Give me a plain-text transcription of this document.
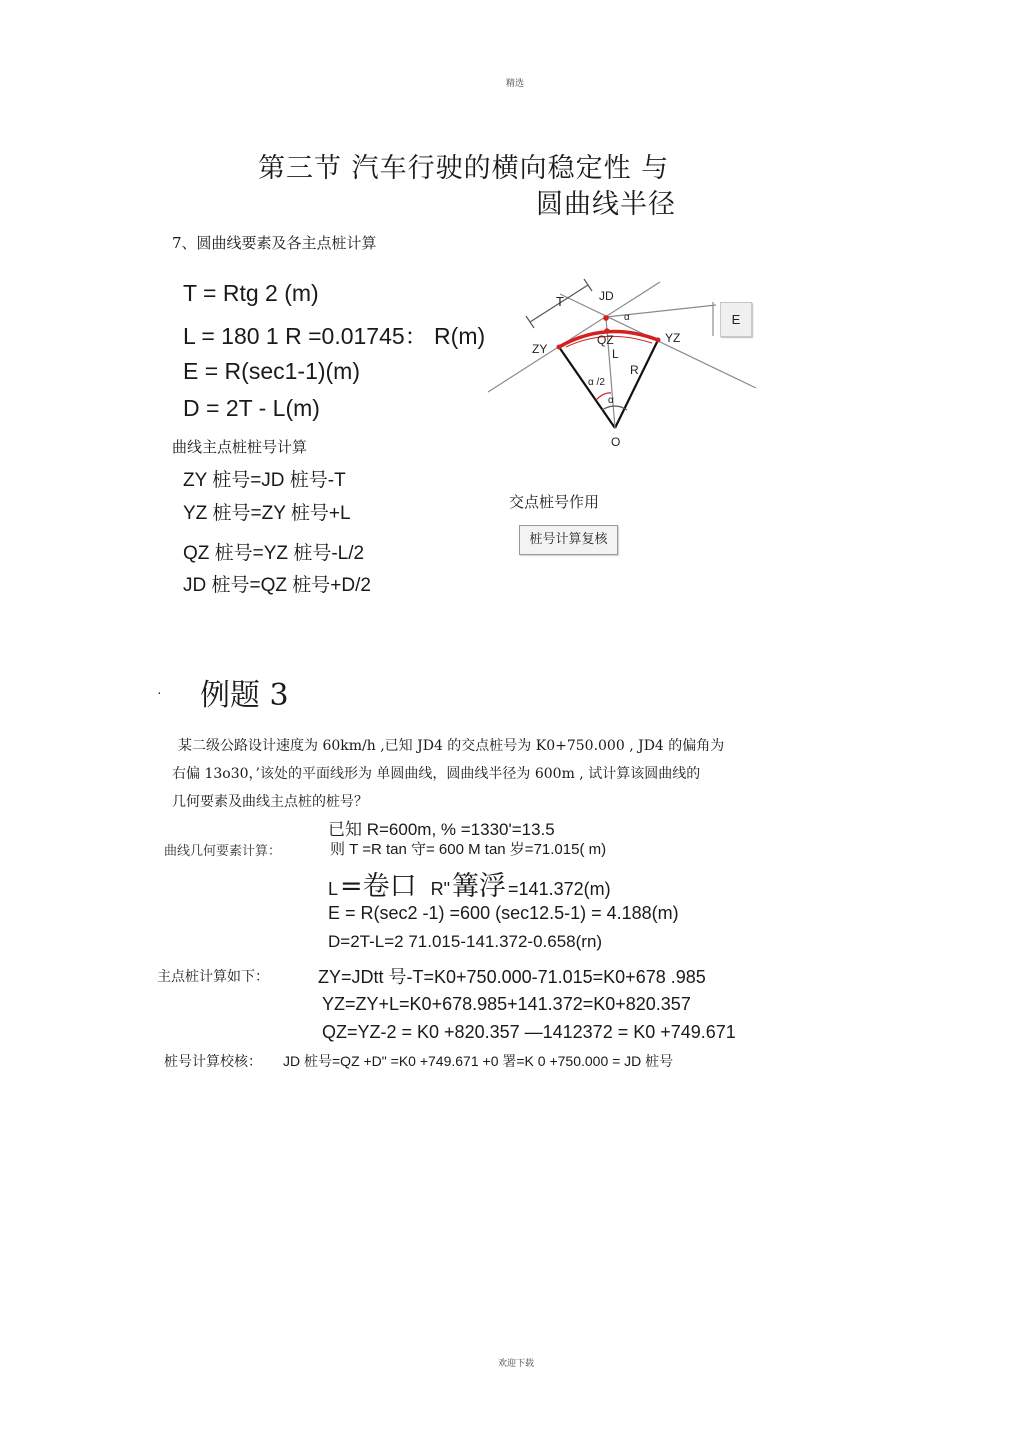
精选
欢迎下载
第三节 汽车行驶的横向稳定性 与
圆曲线半径
7、圆曲线要素及各主点桩计算
T = Rtg 2 (m)
L = 180 1 R =0.01745： R(m)
E = R(sec1-1)(m)
D = 2T - L(m)
曲线主点桩桩号计算
ZY 桩号=JD 桩号-T
YZ 桩号=ZY 桩号+L
QZ 桩号=YZ 桩号-L/2
JD 桩号=QZ 桩号+D/2
T	JD
α
ZY
QZ	YZ
L
R
α /2
α
O
E
交点桩号作用
桩号计算复核
· 例题 3
某二级公路设计速度为 60km/h ,已知 JD4 的交点桩号为 K0+750.000 , JD4 的偏角为
右偏 13o30，’该处的平面线形为 单圆曲线，圆曲线半径为 600m , 试计算该圆曲线的
几何要素及曲线主点桩的桩号？
已知 R=600m, % =1330'=13.5
曲线几何要素计算：	则 T =R tan 守= 600 M tan 岁=71.015( m)
L =卷口 R" 篝浮 =141.372(m)
E = R(sec2 -1) =600 (sec12.5-1) = 4.188(m)
D=2T-L=2 71.015-141.372-0.658(rn)
主点桩计算如下：	ZY=JDtt 号-T=K0+750.000-71.015=K0+678 .985
YZ=ZY+L=K0+678.985+141.372=K0+820.357
QZ=YZ-2 = K0 +820.357 —1412372 = K0 +749.671
桩号计算校核： JD 桩号=QZ +D" =K0 +749.671 +0 署=K 0 +750.000 = JD 桩号
